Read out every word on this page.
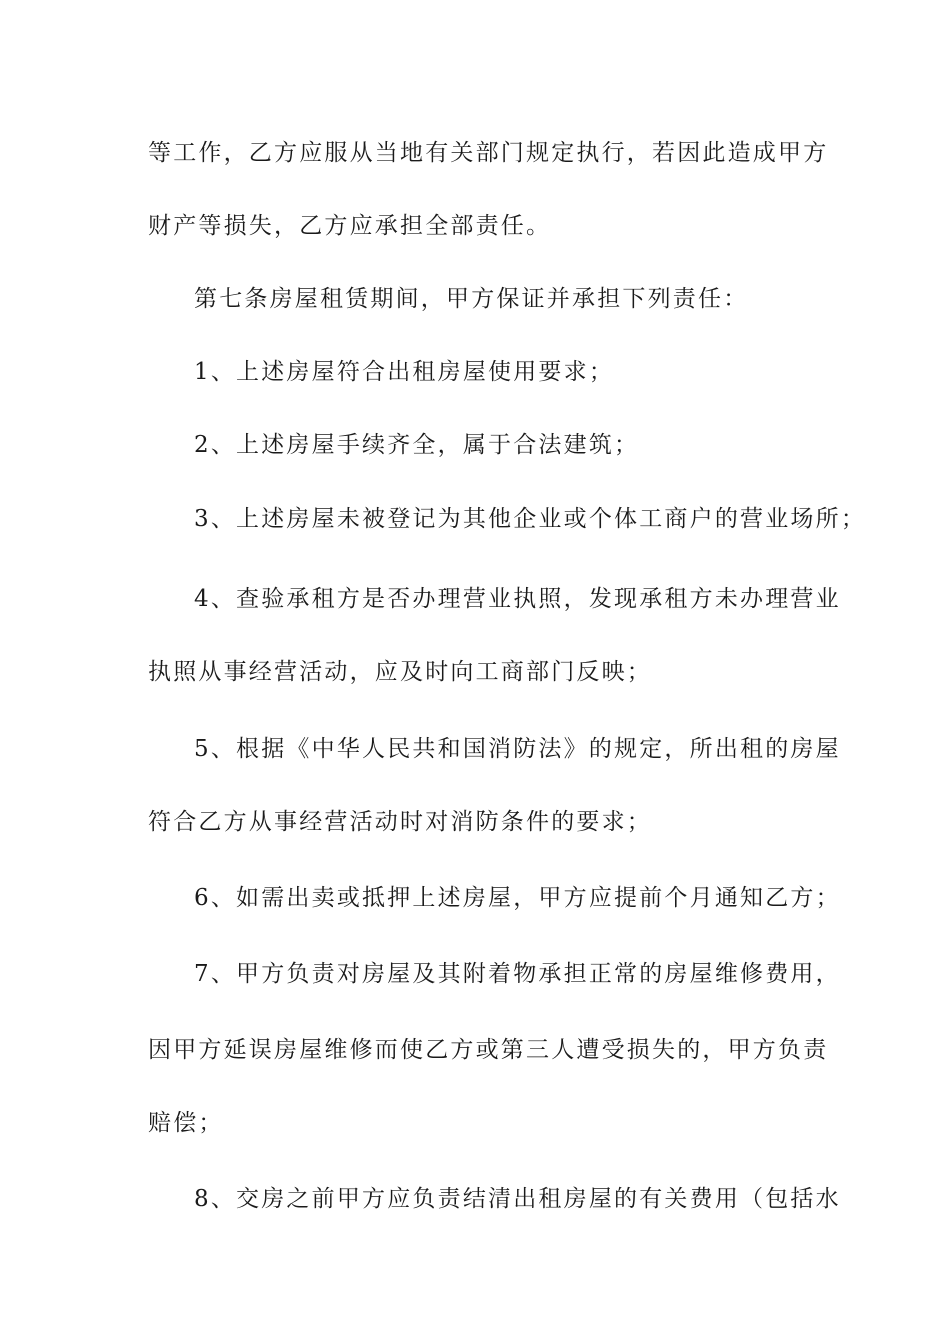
等工作，乙方应服从当地有关部门规定执行，若因此造成甲方
财产等损失，乙方应承担全部责任。
第七条房屋租赁期间，甲方保证并承担下列责任：
1、上述房屋符合出租房屋使用要求；
2、上述房屋手续齐全，属于合法建筑；
3、上述房屋未被登记为其他企业或个体工商户的营业场所；
4、查验承租方是否办理营业执照，发现承租方未办理营业
执照从事经营活动，应及时向工商部门反映；
5、根据《中华人民共和国消防法》的规定，所出租的房屋
符合乙方从事经营活动时对消防条件的要求；
6、如需出卖或抵押上述房屋，甲方应提前个月通知乙方；
7、甲方负责对房屋及其附着物承担正常的房屋维修费用，
因甲方延误房屋维修而使乙方或第三人遭受损失的，甲方负责
赔偿；
8、交房之前甲方应负责结清出租房屋的有关费用（包括水
